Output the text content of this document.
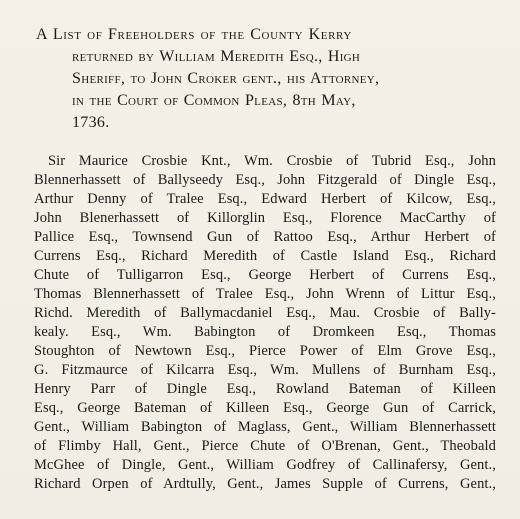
A List of Freeholders of the County Kerry
returned by William Meredith Esq., High
Sheriff, to John Croker gent., his Attorney,
in the Court of Common Pleas, 8th May,
1736.
Sir Maurice Crosbie Knt., Wm. Crosbie of Tubrid Esq., John
Blennerhassett of Ballyseedy Esq., John Fitzgerald of Dingle Esq.,
Arthur Denny of Tralee Esq., Edward Herbert of Kilcow, Esq.,
John Blenerhassett of Killorglin Esq., Florence MacCarthy of
Pallice Esq., Townsend Gun of Rattoo Esq., Arthur Herbert of
Currens Esq., Richard Meredith of Castle Island Esq., Richard
Chute of Tulligarron Esq., George Herbert of Currens Esq.,
Thomas Blennerhassett of Tralee Esq., John Wrenn of Littur Esq.,
Richd. Meredith of Ballymacdaniel Esq., Mau. Crosbie of Bally-
kealy. Esq., Wm. Babington of Dromkeen Esq., Thomas
Stoughton of Newtown Esq., Pierce Power of Elm Grove Esq.,
G. Fitzmaurce of Kilcarra Esq., Wm. Mullens of Burnham Esq.,
Henry Parr of Dingle Esq., Rowland Bateman of Killeen
Esq., George Bateman of Killeen Esq., George Gun of Carrick,
Gent., William Babington of Maglass, Gent., William Blennerhassett
of Flimby Hall, Gent., Pierce Chute of O'Brenan, Gent., Theobald
McGhee of Dingle, Gent., William Godfrey of Callinafersy, Gent.,
Richard Orpen of Ardtully, Gent., James Supple of Currens, Gent.,
